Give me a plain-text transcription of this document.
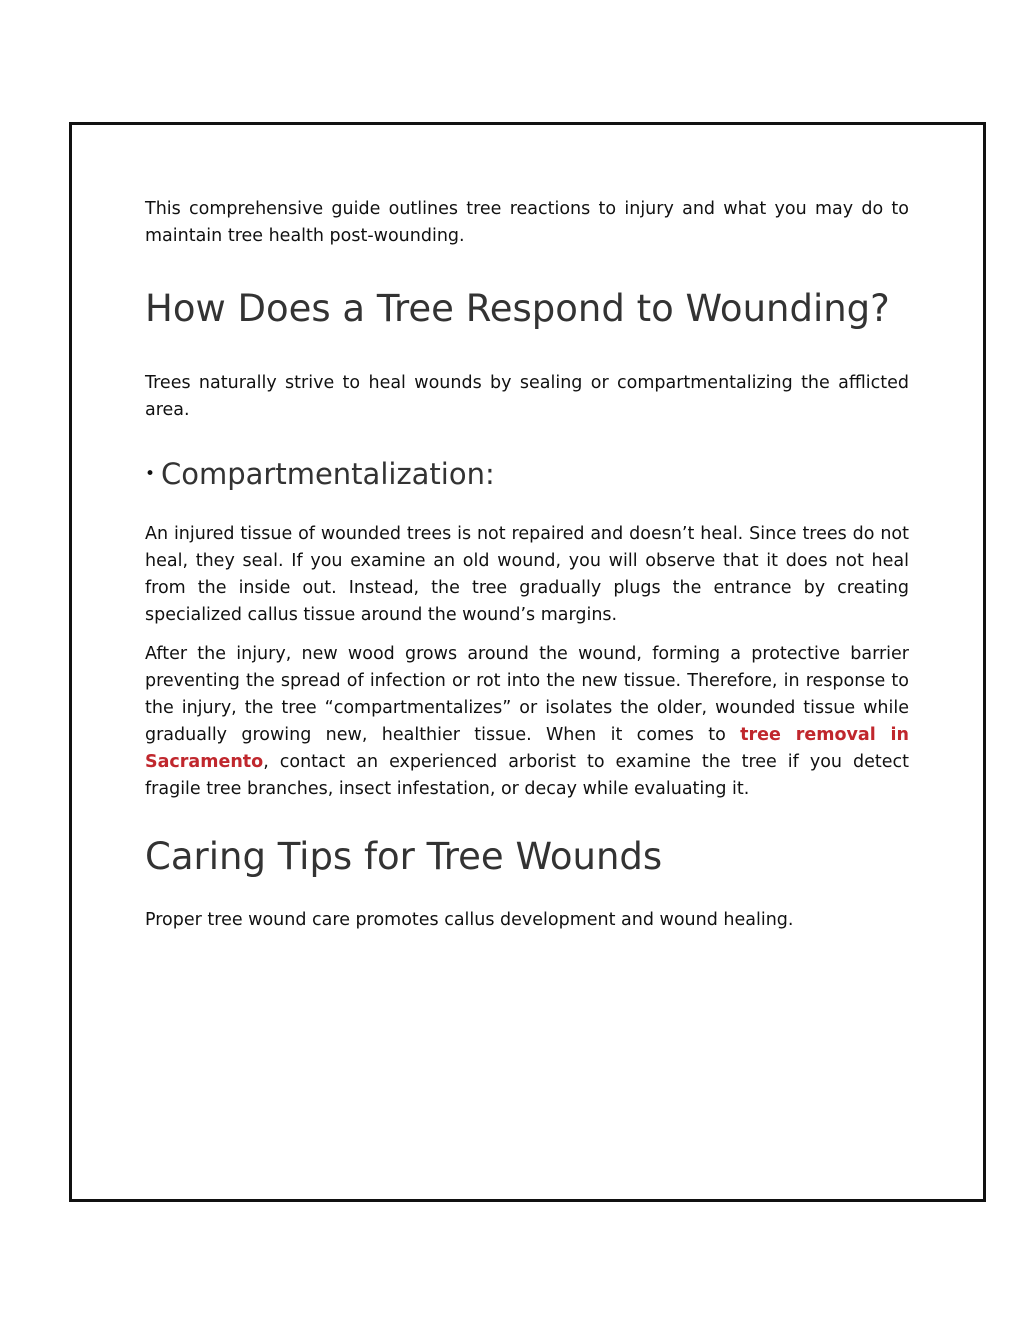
This comprehensive guide outlines tree reactions to injury and what you may do to maintain tree health post-wounding.

How Does a Tree Respond to Wounding?

Trees naturally strive to heal wounds by sealing or compartmentalizing the afflicted area.

• Compartmentalization:

An injured tissue of wounded trees is not repaired and doesn’t heal. Since trees do not heal, they seal. If you examine an old wound, you will observe that it does not heal from the inside out. Instead, the tree gradually plugs the entrance by creating specialized callus tissue around the wound’s margins.

After the injury, new wood grows around the wound, forming a protective barrier preventing the spread of infection or rot into the new tissue. Therefore, in response to the injury, the tree “compartmentalizes” or isolates the older, wounded tissue while gradually growing new, healthier tissue. When it comes to tree removal in Sacramento, contact an experienced arborist to examine the tree if you detect fragile tree branches, insect infestation, or decay while evaluating it.

Caring Tips for Tree Wounds

Proper tree wound care promotes callus development and wound healing.
